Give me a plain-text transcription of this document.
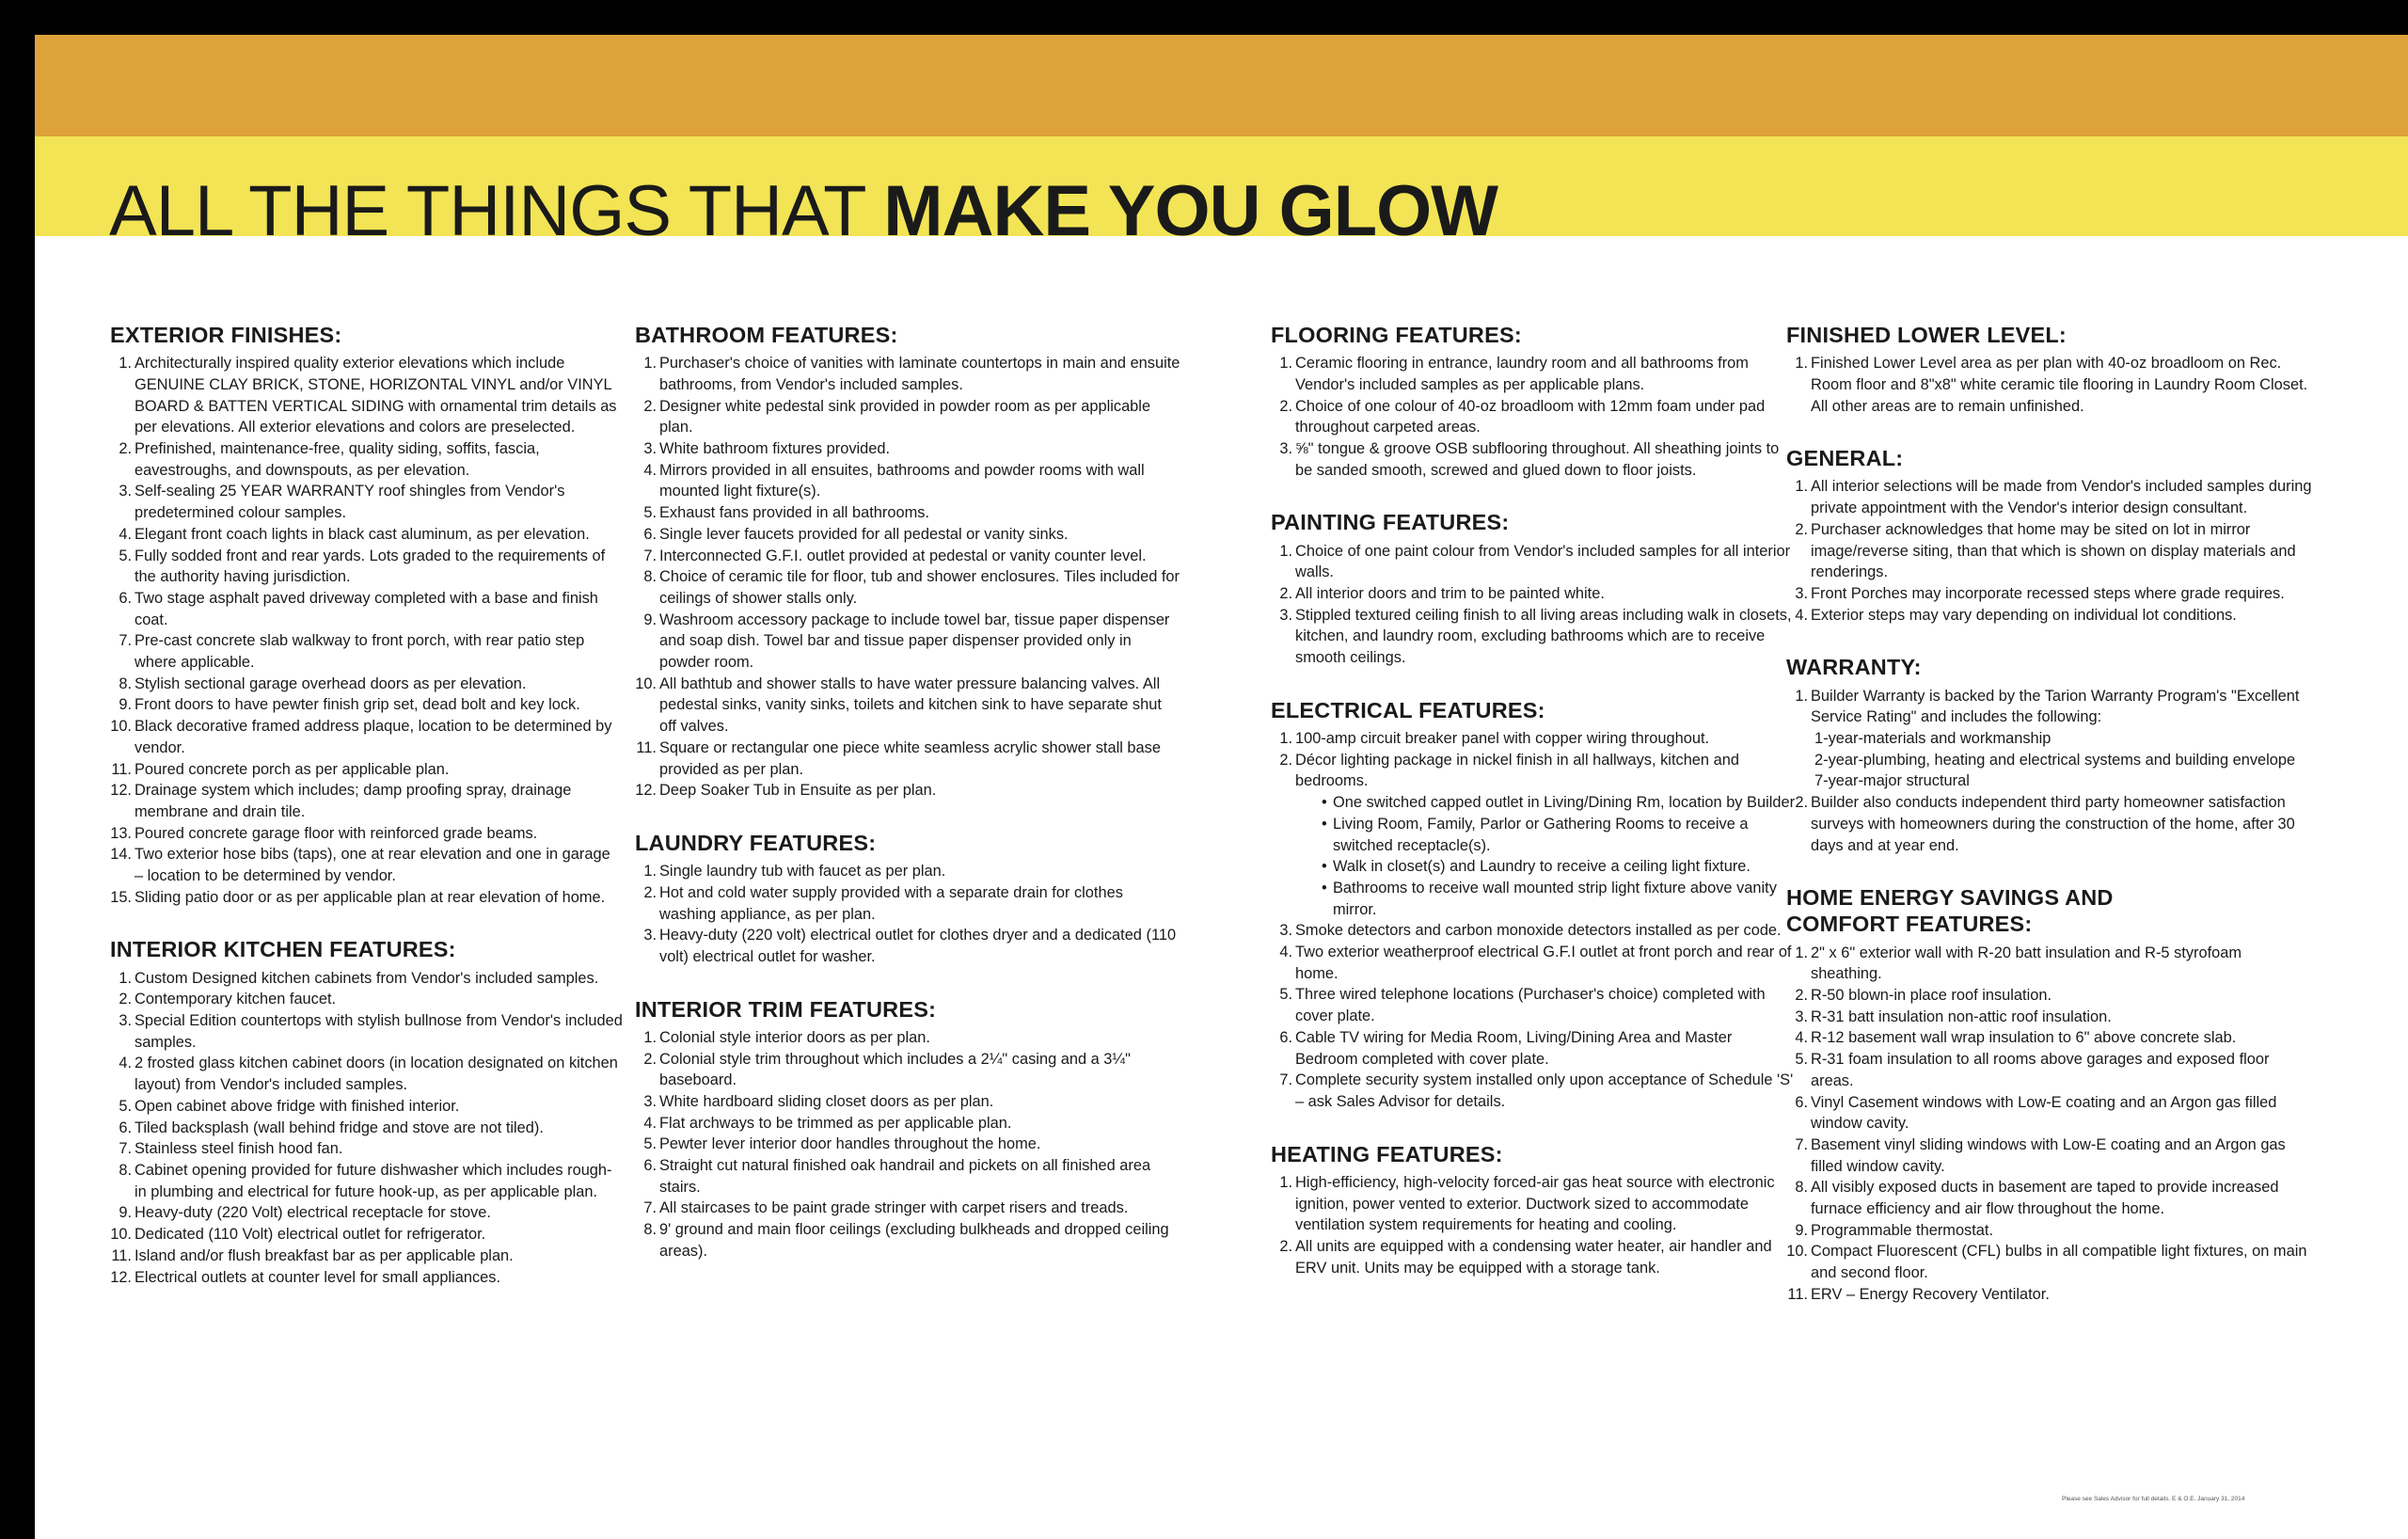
ALL THE THINGS THAT MAKE YOU GLOW
EXTERIOR FINISHES:
1. Architecturally inspired quality exterior elevations which include GENUINE CLAY BRICK, STONE, HORIZONTAL VINYL and/or VINYL BOARD & BATTEN VERTICAL SIDING with ornamental trim details as per elevations. All exterior elevations and colors are preselected.
2. Prefinished, maintenance-free, quality siding, soffits, fascia, eavestroughs, and downspouts, as per elevation.
3. Self-sealing 25 YEAR WARRANTY roof shingles from Vendor's predetermined colour samples.
4. Elegant front coach lights in black cast aluminum, as per elevation.
5. Fully sodded front and rear yards. Lots graded to the requirements of the authority having jurisdiction.
6. Two stage asphalt paved driveway completed with a base and finish coat.
7. Pre-cast concrete slab walkway to front porch, with rear patio step where applicable.
8. Stylish sectional garage overhead doors as per elevation.
9. Front doors to have pewter finish grip set, dead bolt and key lock.
10. Black decorative framed address plaque, location to be determined by vendor.
11. Poured concrete porch as per applicable plan.
12. Drainage system which includes; damp proofing spray, drainage membrane and drain tile.
13. Poured concrete garage floor with reinforced grade beams.
14. Two exterior hose bibs (taps), one at rear elevation and one in garage – location to be determined by vendor.
15. Sliding patio door or as per applicable plan at rear elevation of home.
INTERIOR KITCHEN FEATURES:
1. Custom Designed kitchen cabinets from Vendor's included samples.
2. Contemporary kitchen faucet.
3. Special Edition countertops with stylish bullnose from Vendor's included samples.
4. 2 frosted glass kitchen cabinet doors (in location designated on kitchen layout) from Vendor's included samples.
5. Open cabinet above fridge with finished interior.
6. Tiled backsplash (wall behind fridge and stove are not tiled).
7. Stainless steel finish hood fan.
8. Cabinet opening provided for future dishwasher which includes rough-in plumbing and electrical for future hook-up, as per applicable plan.
9. Heavy-duty (220 Volt) electrical receptacle for stove.
10. Dedicated (110 Volt) electrical outlet for refrigerator.
11. Island and/or flush breakfast bar as per applicable plan.
12. Electrical outlets at counter level for small appliances.
BATHROOM FEATURES:
1. Purchaser's choice of vanities with laminate countertops in main and ensuite bathrooms, from Vendor's included samples.
2. Designer white pedestal sink provided in powder room as per applicable plan.
3. White bathroom fixtures provided.
4. Mirrors provided in all ensuites, bathrooms and powder rooms with wall mounted light fixture(s).
5. Exhaust fans provided in all bathrooms.
6. Single lever faucets provided for all pedestal or vanity sinks.
7. Interconnected G.F.I. outlet provided at pedestal or vanity counter level.
8. Choice of ceramic tile for floor, tub and shower enclosures. Tiles included for ceilings of shower stalls only.
9. Washroom accessory package to include towel bar, tissue paper dispenser and soap dish. Towel bar and tissue paper dispenser provided only in powder room.
10. All bathtub and shower stalls to have water pressure balancing valves. All pedestal sinks, vanity sinks, toilets and kitchen sink to have separate shut off valves.
11. Square or rectangular one piece white seamless acrylic shower stall base provided as per plan.
12. Deep Soaker Tub in Ensuite as per plan.
LAUNDRY FEATURES:
1. Single laundry tub with faucet as per plan.
2. Hot and cold water supply provided with a separate drain for clothes washing appliance, as per plan.
3. Heavy-duty (220 volt) electrical outlet for clothes dryer and a dedicated (110 volt) electrical outlet for washer.
INTERIOR TRIM FEATURES:
1. Colonial style interior doors as per plan.
2. Colonial style trim throughout which includes a 2¼" casing and a 3¼" baseboard.
3. White hardboard sliding closet doors as per plan.
4. Flat archways to be trimmed as per applicable plan.
5. Pewter lever interior door handles throughout the home.
6. Straight cut natural finished oak handrail and pickets on all finished area stairs.
7. All staircases to be paint grade stringer with carpet risers and treads.
8. 9' ground and main floor ceilings (excluding bulkheads and dropped ceiling areas).
FLOORING FEATURES:
1. Ceramic flooring in entrance, laundry room and all bathrooms from Vendor's included samples as per applicable plans.
2. Choice of one colour of 40-oz broadloom with 12mm foam under pad throughout carpeted areas.
3. ⅝" tongue & groove OSB subflooring throughout. All sheathing joints to be sanded smooth, screwed and glued down to floor joists.
PAINTING FEATURES:
1. Choice of one paint colour from Vendor's included samples for all interior walls.
2. All interior doors and trim to be painted white.
3. Stippled textured ceiling finish to all living areas including walk in closets, kitchen, and laundry room, excluding bathrooms which are to receive smooth ceilings.
ELECTRICAL FEATURES:
1. 100-amp circuit breaker panel with copper wiring throughout.
2. Décor lighting package in nickel finish in all hallways, kitchen and bedrooms.
• One switched capped outlet in Living/Dining Rm, location by Builder
• Living Room, Family, Parlor or Gathering Rooms to receive a switched receptacle(s).
• Walk in closet(s) and Laundry to receive a ceiling light fixture.
• Bathrooms to receive wall mounted strip light fixture above vanity mirror.
3. Smoke detectors and carbon monoxide detectors installed as per code.
4. Two exterior weatherproof electrical G.F.I outlet at front porch and rear of home.
5. Three wired telephone locations (Purchaser's choice) completed with cover plate.
6. Cable TV wiring for Media Room, Living/Dining Area and Master Bedroom completed with cover plate.
7. Complete security system installed only upon acceptance of Schedule 'S' – ask Sales Advisor for details.
HEATING FEATURES:
1. High-efficiency, high-velocity forced-air gas heat source with electronic ignition, power vented to exterior. Ductwork sized to accommodate ventilation system requirements for heating and cooling.
2. All units are equipped with a condensing water heater, air handler and ERV unit. Units may be equipped with a storage tank.
FINISHED LOWER LEVEL:
1. Finished Lower Level area as per plan with 40-oz broadloom on Rec. Room floor and 8"x8" white ceramic tile flooring in Laundry Room Closet. All other areas are to remain unfinished.
GENERAL:
1. All interior selections will be made from Vendor's included samples during private appointment with the Vendor's interior design consultant.
2. Purchaser acknowledges that home may be sited on lot in mirror image/reverse siting, than that which is shown on display materials and renderings.
3. Front Porches may incorporate recessed steps where grade requires.
4. Exterior steps may vary depending on individual lot conditions.
WARRANTY:
1. Builder Warranty is backed by the Tarion Warranty Program's "Excellent Service Rating" and includes the following:
1-year-materials and workmanship
2-year-plumbing, heating and electrical systems and building envelope
7-year-major structural
2. Builder also conducts independent third party homeowner satisfaction surveys with homeowners during the construction of the home, after 30 days and at year end.
HOME ENERGY SAVINGS AND
COMFORT FEATURES:
1. 2" x 6" exterior wall with R-20 batt insulation and R-5 styrofoam sheathing.
2. R-50 blown-in place roof insulation.
3. R-31 batt insulation non-attic roof insulation.
4. R-12 basement wall wrap insulation to 6" above concrete slab.
5. R-31 foam insulation to all rooms above garages and exposed floor areas.
6. Vinyl Casement windows with Low-E coating and an Argon gas filled window cavity.
7. Basement vinyl sliding windows with Low-E coating and an Argon gas filled window cavity.
8. All visibly exposed ducts in basement are taped to provide increased furnace efficiency and air flow throughout the home.
9. Programmable thermostat.
10. Compact Fluorescent (CFL) bulbs in all compatible light fixtures, on main and second floor.
11. ERV – Energy Recovery Ventilator.
Please see Sales Advisor for full details. E & O.E. January 31, 2014
